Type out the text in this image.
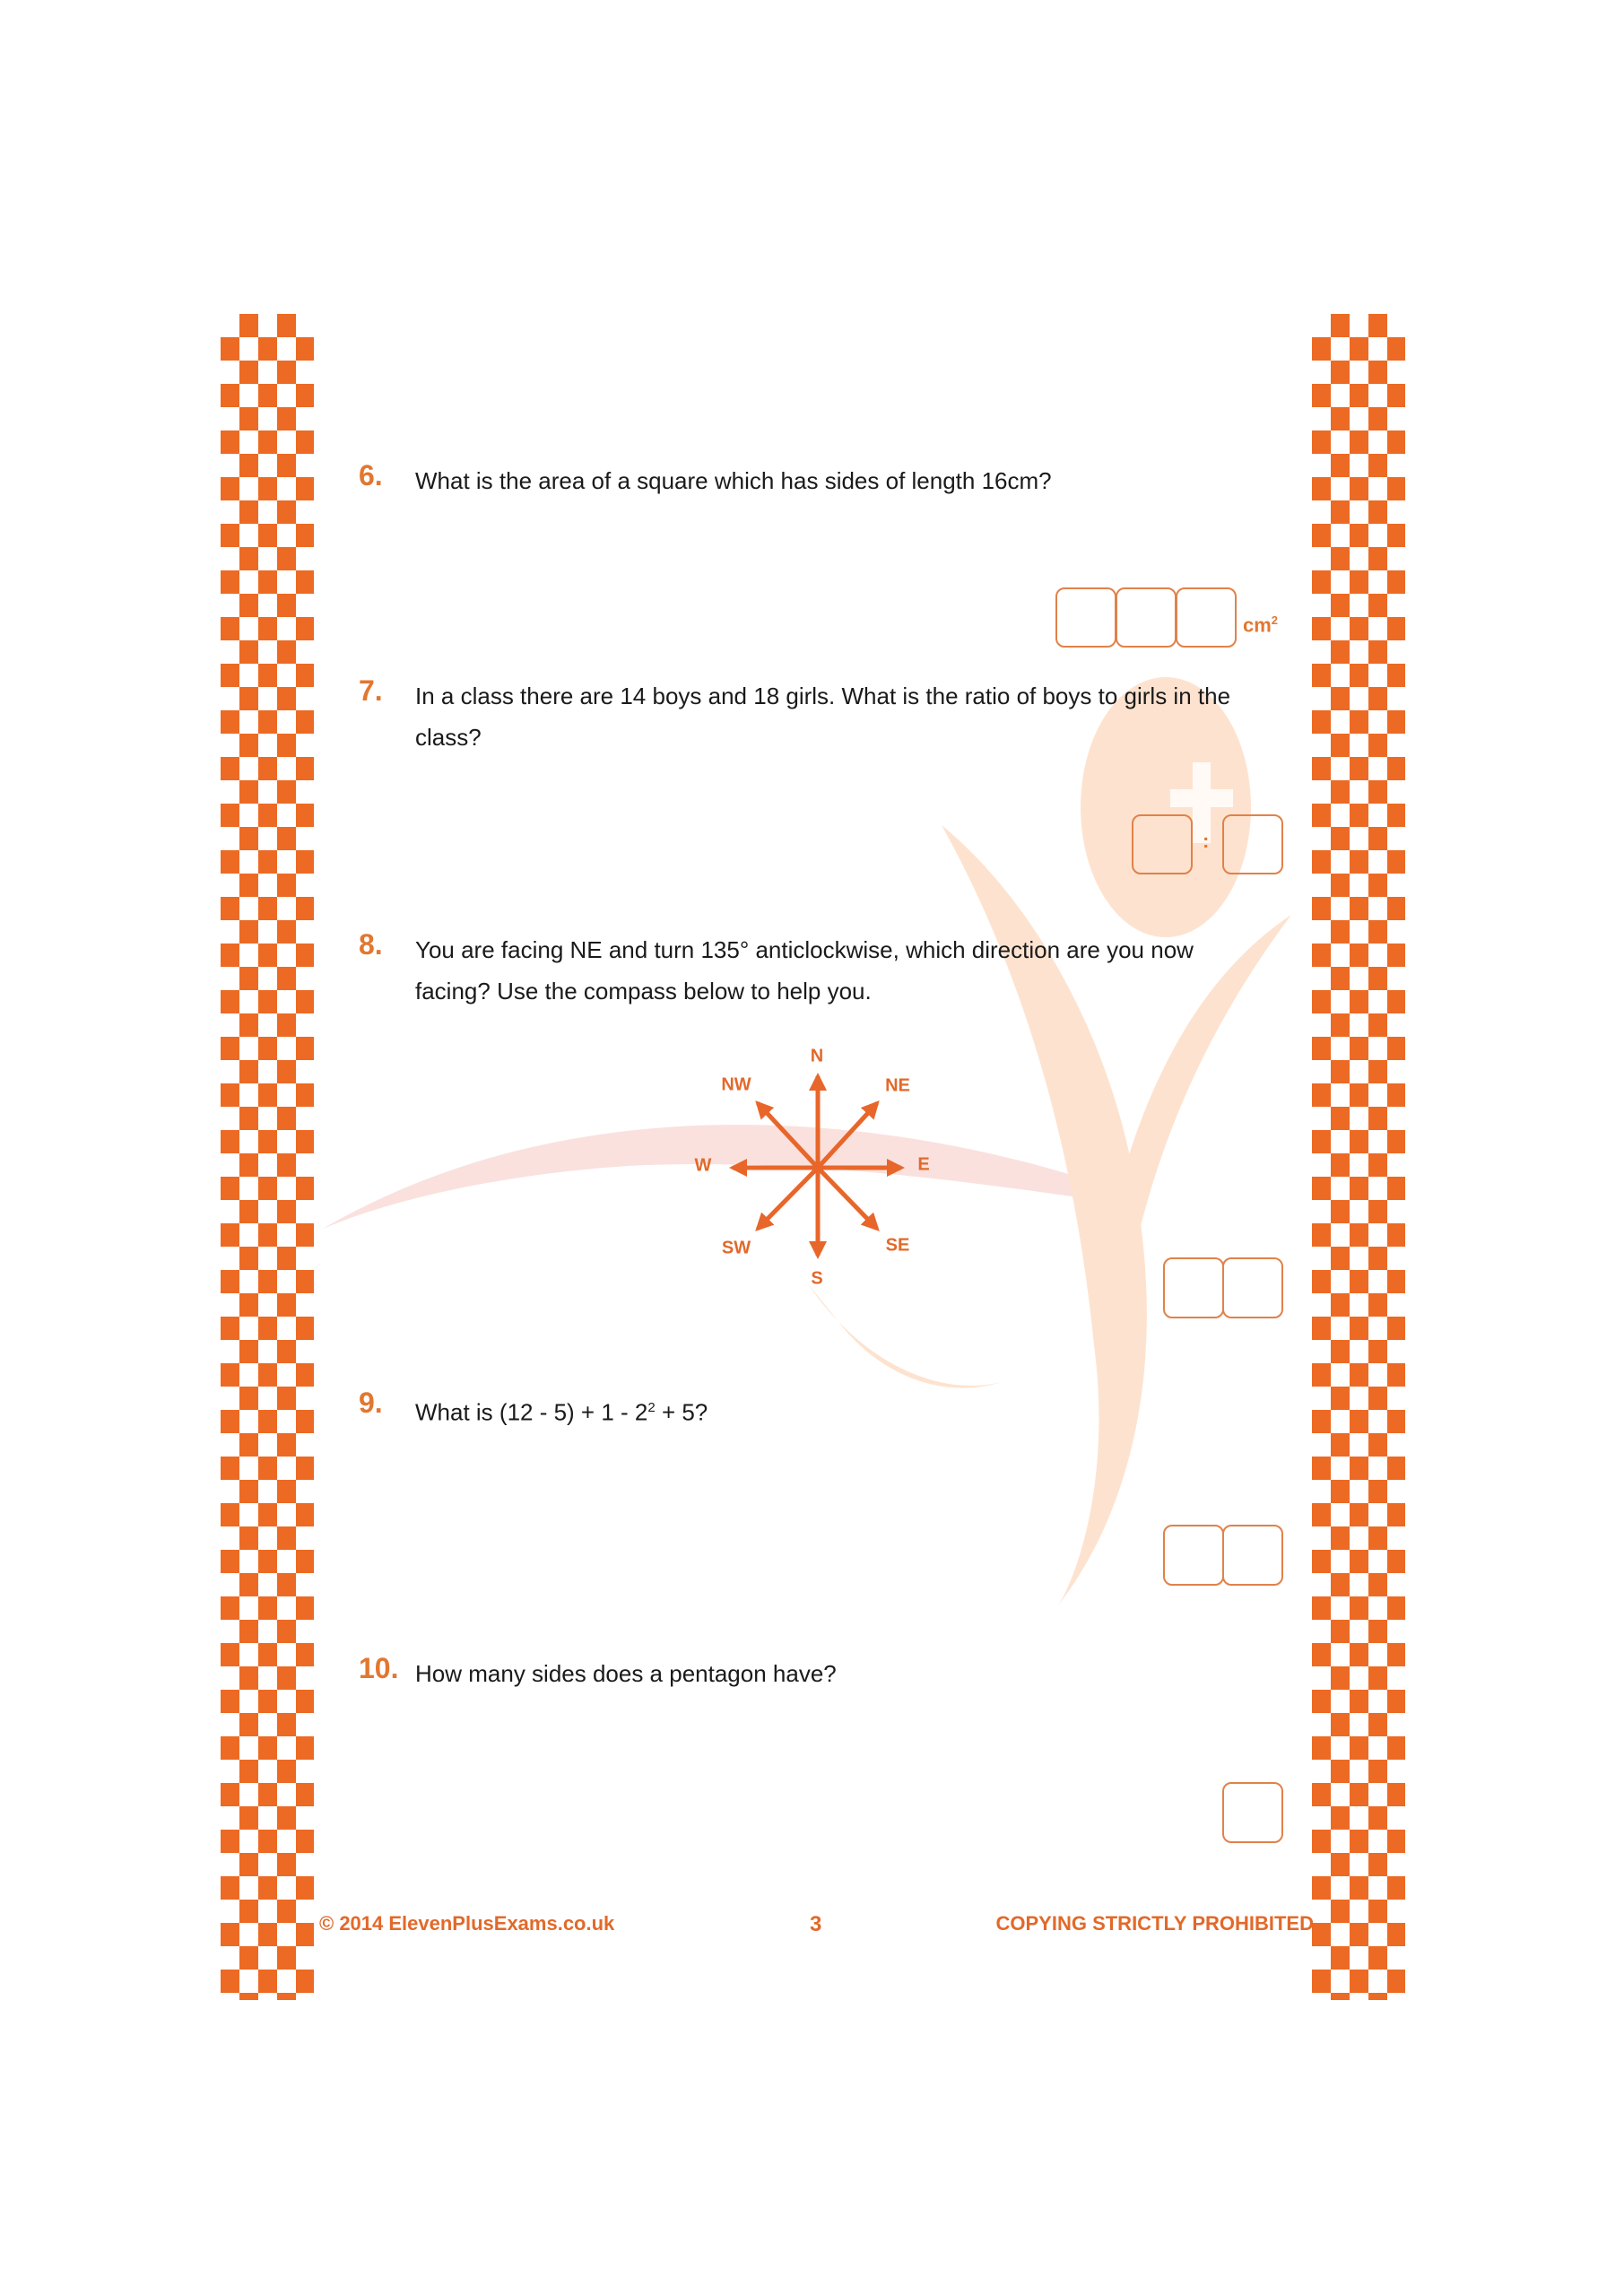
6. What is the area of a square which has sides of length 16cm?
$cm^2$
7. In a class there are 14 boys and 18 girls. What is the ratio of boys to girls in the class?
:
8. You are facing NE and turn 135° anticlockwise, which direction are you now facing? Use the compass below to help you.
N
NE
E
SE
S
SW
W
NW
9. What is $(12 - 5) + 1 - 2^2 + 5$?
10. How many sides does a pentagon have?
© 2014 ElevenPlusExams.co.uk	3	COPYING STRICTLY PROHIBITED
